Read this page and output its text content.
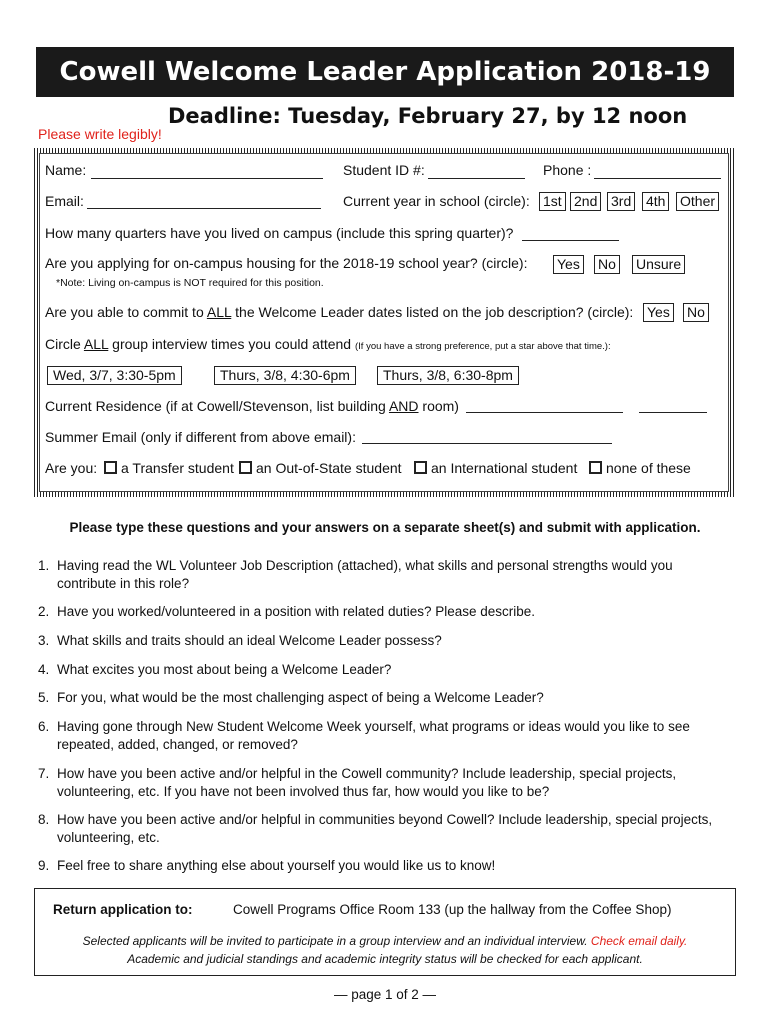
Cowell Welcome Leader Application 2018-19
Please write legibly!
Deadline: Tuesday, February 27, by 12 noon
Name:	Student ID #:	Phone :
Email:	Current year in school (circle): 1st 2nd 3rd 4th Other
How many quarters have you lived on campus (include this spring quarter)?
Are you applying for on-campus housing for the 2018-19 school year? (circle): Yes No Unsure
*Note: Living on-campus is NOT required for this position.
Are you able to commit to ALL the Welcome Leader dates listed on the job description? (circle): Yes No
Circle ALL group interview times you could attend (If you have a strong preference, put a star above that time.):
Wed, 3/7, 3:30-5pm	Thurs, 3/8, 4:30-6pm	Thurs, 3/8, 6:30-8pm
Current Residence (if at Cowell/Stevenson, list building AND room)
Summer Email (only if different from above email):
Are you:	a Transfer student	an Out-of-State student	an International student	none of these
Please type these questions and your answers on a separate sheet(s) and submit with application.
1. Having read the WL Volunteer Job Description (attached), what skills and personal strengths would you contribute in this role?
2. Have you worked/volunteered in a position with related duties? Please describe.
3. What skills and traits should an ideal Welcome Leader possess?
4. What excites you most about being a Welcome Leader?
5. For you, what would be the most challenging aspect of being a Welcome Leader?
6. Having gone through New Student Welcome Week yourself, what programs or ideas would you like to see repeated, added, changed, or removed?
7. How have you been active and/or helpful in the Cowell community? Include leadership, special projects, volunteering, etc. If you have not been involved thus far, how would you like to be?
8. How have you been active and/or helpful in communities beyond Cowell? Include leadership, special projects, volunteering, etc.
9. Feel free to share anything else about yourself you would like us to know!
Return application to:	Cowell Programs Office Room 133 (up the hallway from the Coffee Shop)
Selected applicants will be invited to participate in a group interview and an individual interview. Check email daily.
Academic and judicial standings and academic integrity status will be checked for each applicant.
— page 1 of 2 —
